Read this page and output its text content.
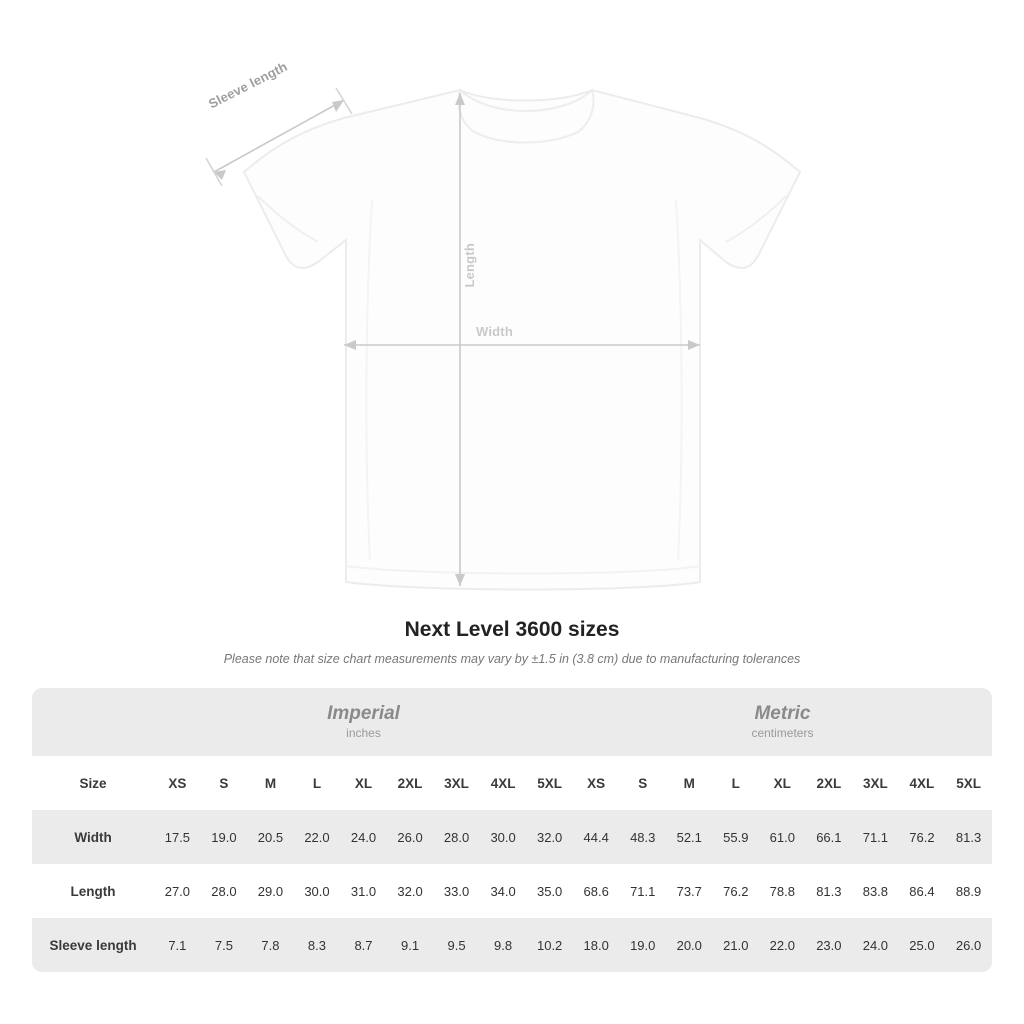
Sleeve length
Width
Length
Next Level 3600 sizes

Please note that size chart measurements may vary by ±1.5 in (3.8 cm) due to manufacturing tolerances

Imperial
inches

Metric
centimeters

Size	XS	S	M	L	XL	2XL	3XL	4XL	5XL	XS	S	M	L	XL	2XL	3XL	4XL	5XL
Width	17.5	19.0	20.5	22.0	24.0	26.0	28.0	30.0	32.0	44.4	48.3	52.1	55.9	61.0	66.1	71.1	76.2	81.3
Length	27.0	28.0	29.0	30.0	31.0	32.0	33.0	34.0	35.0	68.6	71.1	73.7	76.2	78.8	81.3	83.8	86.4	88.9
Sleeve length	7.1	7.5	7.8	8.3	8.7	9.1	9.5	9.8	10.2	18.0	19.0	20.0	21.0	22.0	23.0	24.0	25.0	26.0
